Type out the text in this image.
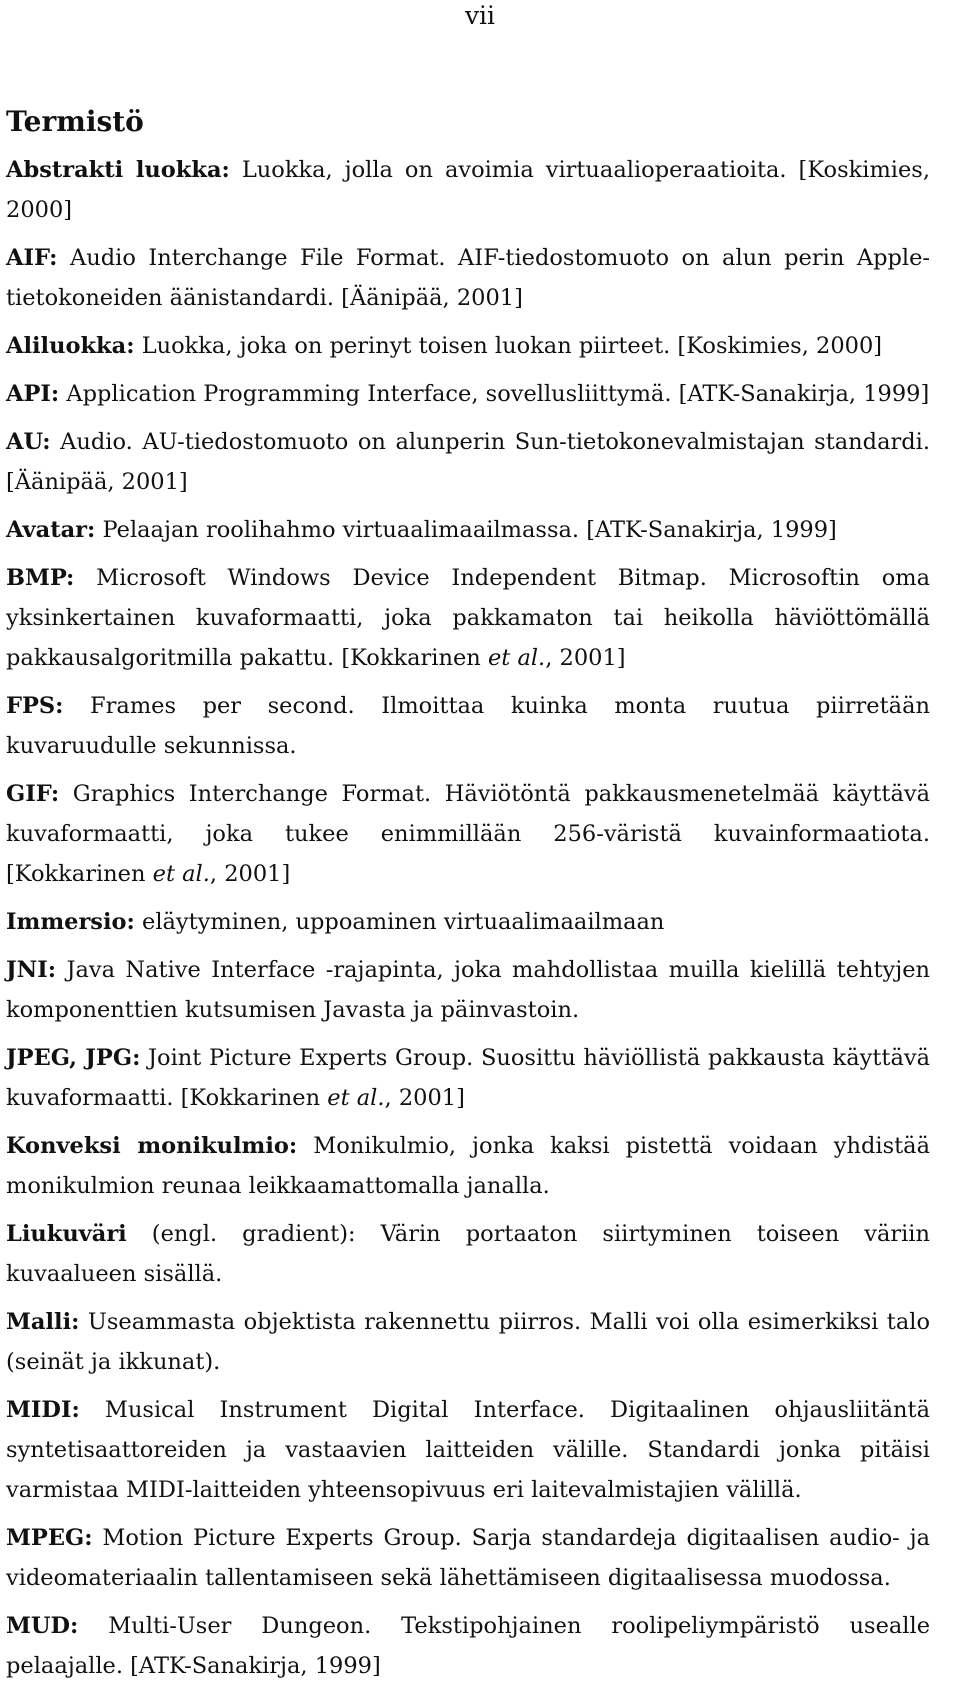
vii
Termistö

Abstrakti luokka: Luokka, jolla on avoimia virtuaalioperaatioita. [Koskimies, 2000]

AIF: Audio Interchange File Format. AIF-tiedostomuoto on alun perin Apple-tietokoneiden äänistandardi. [Äänipää, 2001]

Aliluokka: Luokka, joka on perinyt toisen luokan piirteet. [Koskimies, 2000]

API: Application Programming Interface, sovellusliittymä. [ATK-Sanakirja, 1999]

AU: Audio. AU-tiedostomuoto on alunperin Sun-tietokonevalmistajan standardi. [Äänipää, 2001]

Avatar: Pelaajan roolihahmo virtuaalimaailmassa. [ATK-Sanakirja, 1999]

BMP: Microsoft Windows Device Independent Bitmap. Microsoftin oma yksinkertainen kuvaformaatti, joka pakkamaton tai heikolla häviöttömällä pakkausalgoritmilla pakattu. [Kokkarinen et al., 2001]

FPS: Frames per second. Ilmoittaa kuinka monta ruutua piirretään kuvaruudulle sekunnissa.

GIF: Graphics Interchange Format. Häviötöntä pakkausmenetelmää käyttävä kuvaformaatti, joka tukee enimmillään 256-väristä kuvainformaatiota. [Kokkarinen et al., 2001]

Immersio: eläytyminen, uppoaminen virtuaalimaailmaan

JNI: Java Native Interface -rajapinta, joka mahdollistaa muilla kielillä tehtyjen komponenttien kutsumisen Javasta ja päinvastoin.

JPEG, JPG: Joint Picture Experts Group. Suosittu häviöllistä pakkausta käyttävä kuvaformaatti. [Kokkarinen et al., 2001]

Konveksi monikulmio: Monikulmio, jonka kaksi pistettä voidaan yhdistää monikulmion reunaa leikkaamattomalla janalla.

Liukuväri (engl. gradient): Värin portaaton siirtyminen toiseen väriin kuvaalueen sisällä.

Malli: Useammasta objektista rakennettu piirros. Malli voi olla esimerkiksi talo (seinät ja ikkunat).

MIDI: Musical Instrument Digital Interface. Digitaalinen ohjausliitäntä syntetisaattoreiden ja vastaavien laitteiden välille. Standardi jonka pitäisi varmistaa MIDI-laitteiden yhteensopivuus eri laitevalmistajien välillä.

MPEG: Motion Picture Experts Group. Sarja standardeja digitaalisen audio- ja videomateriaalin tallentamiseen sekä lähettämiseen digitaalisessa muodossa.

MUD: Multi-User Dungeon. Tekstipohjainen roolipeliympäristö usealle pelaajalle. [ATK-Sanakirja, 1999]
